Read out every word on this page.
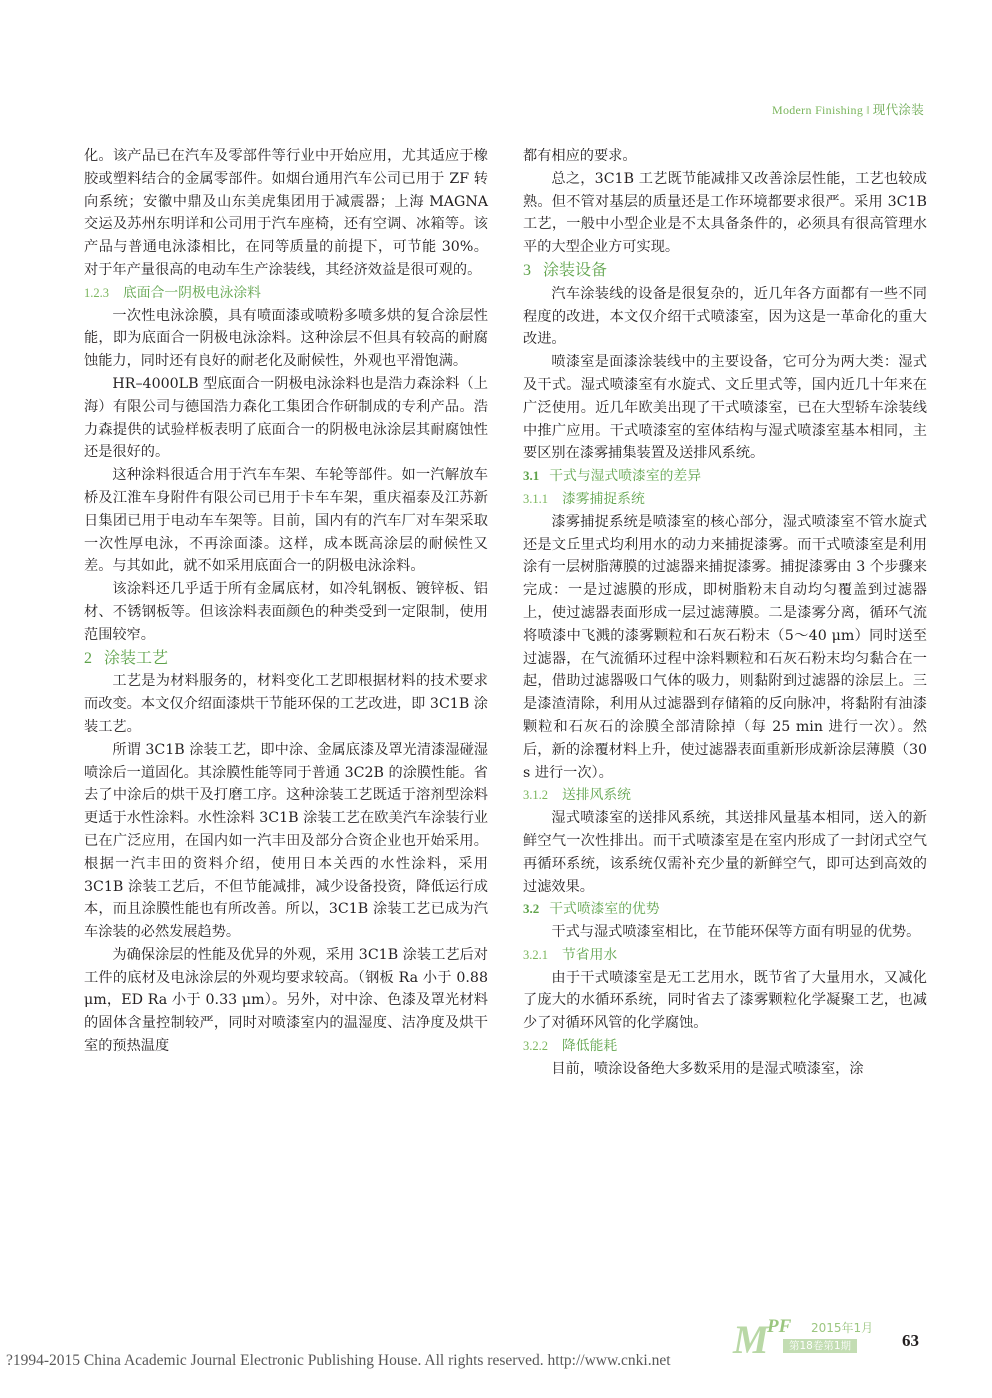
Modern Finishing ‖ 现代涂装

化。该产品已在汽车及零部件等行业中开始应用，尤其适应于橡胶或塑料结合的金属零部件。如烟台通用汽车公司已用于 ZF 转向系统；安徽中鼎及山东美虎集团用于减震器；上海 MAGNA 交运及苏州东明详和公司用于汽车座椅，还有空调、冰箱等。该产品与普通电泳漆相比，在同等质量的前提下，可节能 30%。对于年产量很高的电动车生产涂装线，其经济效益是很可观的。

1.2.3 底面合一阴极电泳涂料

一次性电泳涂膜，具有喷面漆或喷粉多喷多烘的复合涂层性能，即为底面合一阴极电泳涂料。这种涂层不但具有较高的耐腐蚀能力，同时还有良好的耐老化及耐候性，外观也平滑饱满。

HR–4000LB 型底面合一阴极电泳涂料也是浩力森涂料（上海）有限公司与德国浩力森化工集团合作研制成的专利产品。浩力森提供的试验样板表明了底面合一的阴极电泳涂层其耐腐蚀性还是很好的。

这种涂料很适合用于汽车车架、车轮等部件。如一汽解放车桥及江淮车身附件有限公司已用于卡车车架，重庆福泰及江苏新日集团已用于电动车车架等。目前，国内有的汽车厂对车架采取一次性厚电泳，不再涂面漆。这样，成本既高涂层的耐候性又差。与其如此，就不如采用底面合一的阴极电泳涂料。

该涂料还几乎适于所有金属底材，如冷轧钢板、镀锌板、铝材、不锈钢板等。但该涂料表面颜色的种类受到一定限制，使用范围较窄。

2 涂装工艺

工艺是为材料服务的，材料变化工艺即根据材料的技术要求而改变。本文仅介绍面漆烘干节能环保的工艺改进，即 3C1B 涂装工艺。

所谓 3C1B 涂装工艺，即中涂、金属底漆及罩光清漆湿碰湿喷涂后一道固化。其涂膜性能等同于普通 3C2B 的涂膜性能。省去了中涂后的烘干及打磨工序。这种涂装工艺既适于溶剂型涂料更适于水性涂料。水性涂料 3C1B 涂装工艺在欧美汽车涂装行业已在广泛应用，在国内如一汽丰田及部分合资企业也开始采用。根据一汽丰田的资料介绍，使用日本关西的水性涂料，采用 3C1B 涂装工艺后，不但节能减排，减少设备投资，降低运行成本，而且涂膜性能也有所改善。所以，3C1B 涂装工艺已成为汽车涂装的必然发展趋势。

为确保涂层的性能及优异的外观，采用 3C1B 涂装工艺后对工件的底材及电泳涂层的外观均要求较高。（钢板 Ra 小于 0.88 μm，ED Ra 小于 0.33 μm）。另外，对中涂、色漆及罩光材料的固体含量控制较严，同时对喷漆室内的温湿度、洁净度及烘干室的预热温度

都有相应的要求。

总之，3C1B 工艺既节能减排又改善涂层性能，工艺也较成熟。但不管对基层的质量还是工作环境都要求很严。采用 3C1B 工艺，一般中小型企业是不太具备条件的，必须具有很高管理水平的大型企业方可实现。

3 涂装设备

汽车涂装线的设备是很复杂的，近几年各方面都有一些不同程度的改进，本文仅介绍干式喷漆室，因为这是一革命化的重大改进。

喷漆室是面漆涂装线中的主要设备，它可分为两大类：湿式及干式。湿式喷漆室有水旋式、文丘里式等，国内近几十年来在广泛使用。近几年欧美出现了干式喷漆室，已在大型轿车涂装线中推广应用。干式喷漆室的室体结构与湿式喷漆室基本相同，主要区别在漆雾捕集装置及送排风系统。

3.1 干式与湿式喷漆室的差异

3.1.1 漆雾捕捉系统

漆雾捕捉系统是喷漆室的核心部分，湿式喷漆室不管水旋式还是文丘里式均利用水的动力来捕捉漆雾。而干式喷漆室是利用涂有一层树脂薄膜的过滤器来捕捉漆雾。捕捉漆雾由 3 个步骤来完成：一是过滤膜的形成，即树脂粉末自动均匀覆盖到过滤器上，使过滤器表面形成一层过滤薄膜。二是漆雾分离，循环气流将喷漆中飞溅的漆雾颗粒和石灰石粉末（5～40 μm）同时送至过滤器，在气流循环过程中涂料颗粒和石灰石粉末均匀黏合在一起，借助过滤器吸口气体的吸力，则黏附到过滤器的涂层上。三是漆渣清除，利用从过滤器到存储箱的反向脉冲，将黏附有油漆颗粒和石灰石的涂膜全部清除掉（每 25 min 进行一次）。然后，新的涂覆材料上升，使过滤器表面重新形成新涂层薄膜（30 s 进行一次）。

3.1.2 送排风系统

湿式喷漆室的送排风系统，其送排风量基本相同，送入的新鲜空气一次性排出。而干式喷漆室是在室内形成了一封闭式空气再循环系统，该系统仅需补充少量的新鲜空气，即可达到高效的过滤效果。

3.2 干式喷漆室的优势

干式与湿式喷漆室相比，在节能环保等方面有明显的优势。

3.2.1 节省用水

由于干式喷漆室是无工艺用水，既节省了大量用水，又减化了庞大的水循环系统，同时省去了漆雾颗粒化学凝聚工艺，也减少了对循环风管的化学腐蚀。

3.2.2 降低能耗

目前，喷涂设备绝大多数采用的是湿式喷漆室，涂

M
PF 2015年1月
第18卷第1期	63
?1994-2015 China Academic Journal Electronic Publishing House. All rights reserved. http://www.cnki.net
